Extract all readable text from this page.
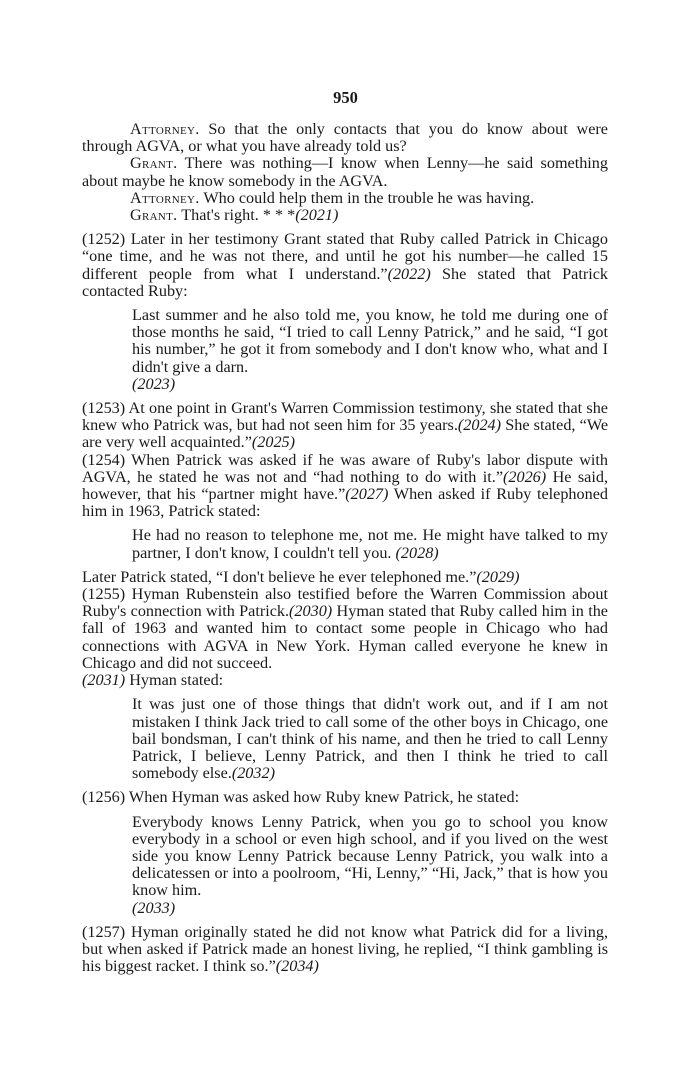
950

Attorney. So that the only contacts that you do know about were through AGVA, or what you have already told us?

Grant. There was nothing—I know when Lenny—he said something about maybe he know somebody in the AGVA.

Attorney. Who could help them in the trouble he was having.

Grant. That's right. * * *(2021)

(1252) Later in her testimony Grant stated that Ruby called Patrick in Chicago “one time, and he was not there, and until he got his number—he called 15 different people from what I understand.”(2022) She stated that Patrick contacted Ruby:

Last summer and he also told me, you know, he told me during one of those months he said, “I tried to call Lenny Patrick,” and he said, “I got his number,” he got it from somebody and I don't know who, what and I didn't give a darn.
(2023)

(1253) At one point in Grant's Warren Commission testimony, she stated that she knew who Patrick was, but had not seen him for 35 years.(2024) She stated, “We are very well acquainted.”(2025)

(1254) When Patrick was asked if he was aware of Ruby's labor dispute with AGVA, he stated he was not and “had nothing to do with it.”(2026) He said, however, that his “partner might have.”(2027) When asked if Ruby telephoned him in 1963, Patrick stated:

He had no reason to telephone me, not me. He might have talked to my partner, I don't know, I couldn't tell you. (2028)

Later Patrick stated, “I don't believe he ever telephoned me.”(2029)

(1255) Hyman Rubenstein also testified before the Warren Commission about Ruby's connection with Patrick.(2030) Hyman stated that Ruby called him in the fall of 1963 and wanted him to contact some people in Chicago who had connections with AGVA in New York. Hyman called everyone he knew in Chicago and did not succeed.
(2031) Hyman stated:

It was just one of those things that didn't work out, and if I am not mistaken I think Jack tried to call some of the other boys in Chicago, one bail bondsman, I can't think of his name, and then he tried to call Lenny Patrick, I believe, Lenny Patrick, and then I think he tried to call somebody else.(2032)

(1256) When Hyman was asked how Ruby knew Patrick, he stated:

Everybody knows Lenny Patrick, when you go to school you know everybody in a school or even high school, and if you lived on the west side you know Lenny Patrick because Lenny Patrick, you walk into a delicatessen or into a poolroom, “Hi, Lenny,” “Hi, Jack,” that is how you know him.
(2033)

(1257) Hyman originally stated he did not know what Patrick did for a living, but when asked if Patrick made an honest living, he replied, “I think gambling is his biggest racket. I think so.”(2034)
